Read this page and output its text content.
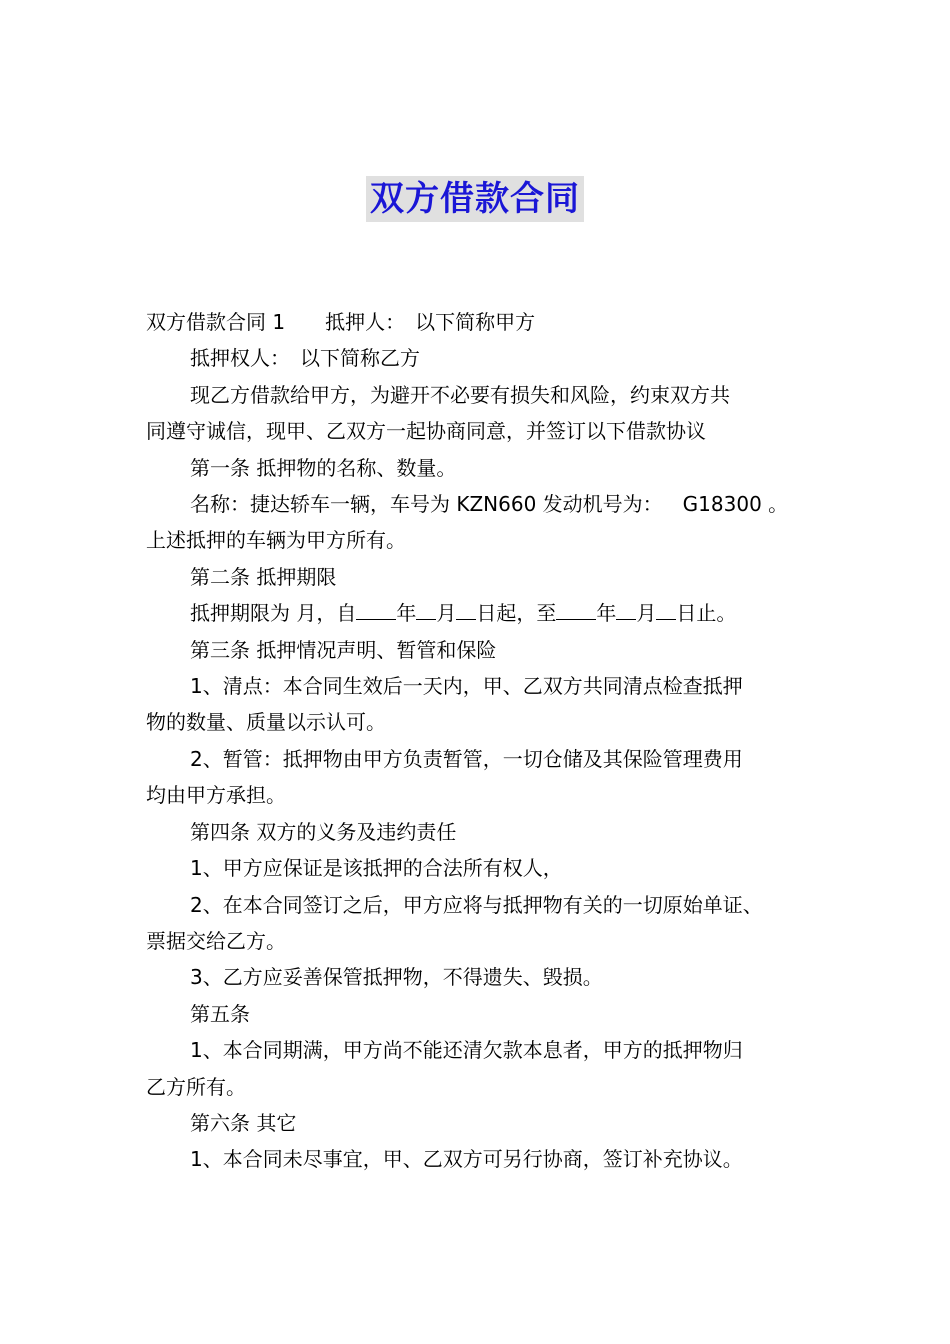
双方借款合同

双方借款合同 1 抵押人： 以下简称甲方

抵押权人： 以下简称乙方

现乙方借款给甲方，为避开不必要有损失和风险，约束双方共

同遵守诚信，现甲、乙双方一起协商同意，并签订以下借款协议

第一条 抵押物的名称、数量。

名称：捷达轿车一辆，车号为 KZN660 发动机号为： G18300 。

上述抵押的车辆为甲方所有。

第二条 抵押期限

抵押期限为 月，自 年 月 日起，至 年 月 日止。

第三条 抵押情况声明、暂管和保险

1、清点：本合同生效后一天内，甲、乙双方共同清点检查抵押

物的数量、质量以示认可。

2、暂管：抵押物由甲方负责暂管，一切仓储及其保险管理费用

均由甲方承担。

第四条 双方的义务及违约责任

1、甲方应保证是该抵押的合法所有权人，

2、在本合同签订之后，甲方应将与抵押物有关的一切原始单证、

票据交给乙方。

3、乙方应妥善保管抵押物，不得遗失、毁损。

第五条

1、本合同期满，甲方尚不能还清欠款本息者，甲方的抵押物归

乙方所有。

第六条 其它

1、本合同未尽事宜，甲、乙双方可另行协商，签订补充协议。
